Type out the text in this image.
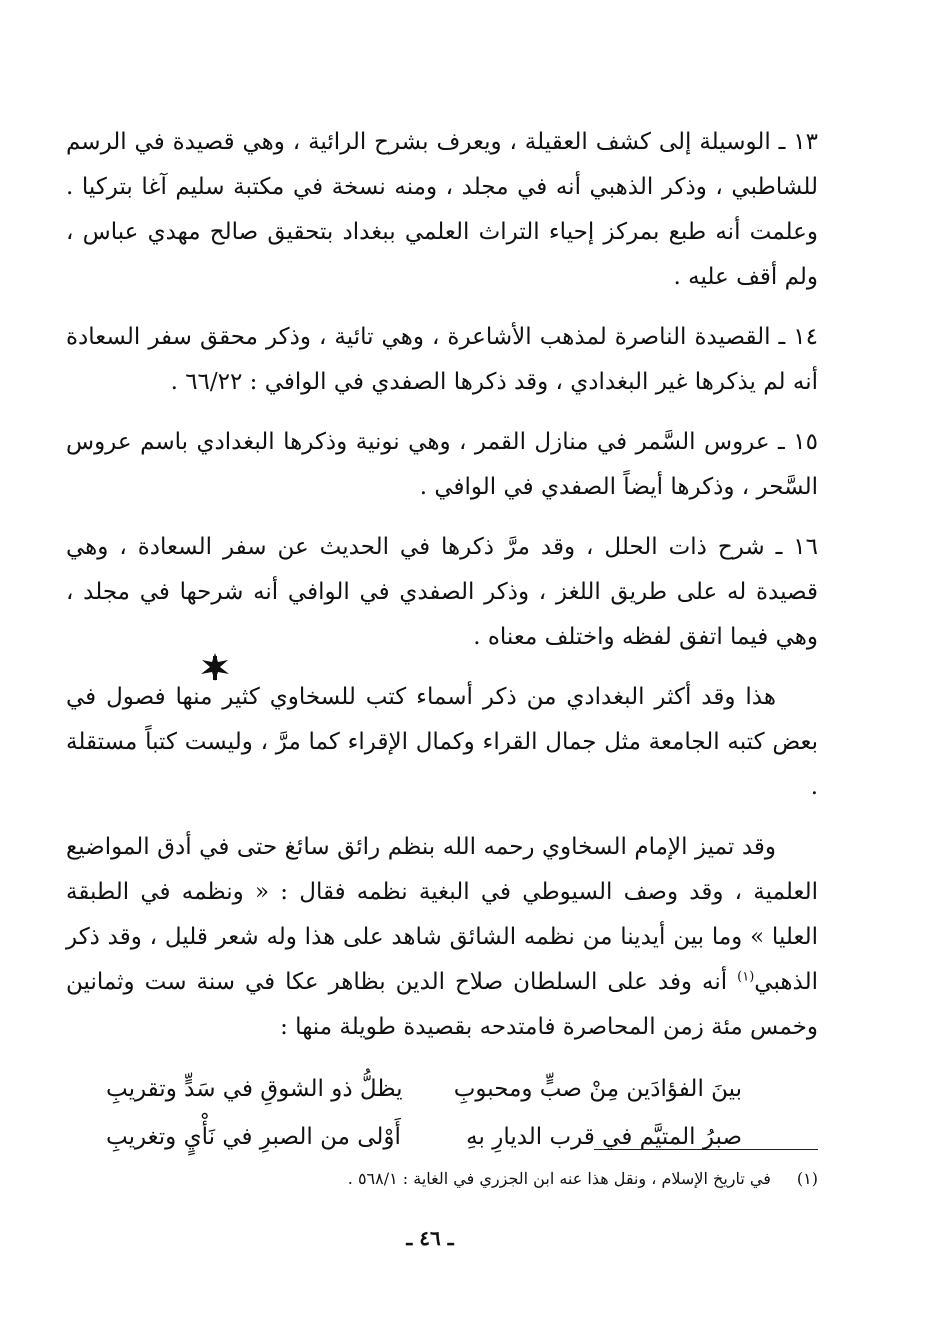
١٣ ـ الوسيلة إلى كشف العقيلة ، ويعرف بشرح الرائية ، وهي قصيدة في الرسم للشاطبي ، وذكر الذهبي أنه في مجلد ، ومنه نسخة في مكتبة سليم آغا بتركيا . وعلمت أنه طبع بمركز إحياء التراث العلمي ببغداد بتحقيق صالح مهدي عباس ، ولم أقف عليه .

١٤ ـ القصيدة الناصرة لمذهب الأشاعرة ، وهي تائية ، وذكر محقق سفر السعادة أنه لم يذكرها غير البغدادي ، وقد ذكرها الصفدي في الوافي : ٦٦/٢٢ .

١٥ ـ عروس السَّمر في منازل القمر ، وهي نونية وذكرها البغدادي باسم عروس السَّحر ، وذكرها أيضاً الصفدي في الوافي .

١٦ ـ شرح ذات الحلل ، وقد مرَّ ذكرها في الحديث عن سفر السعادة ، وهي قصيدة له على طريق اللغز ، وذكر الصفدي في الوافي أنه شرحها في مجلد ، وهي فيما اتفق لفظه واختلف معناه .

هذا وقد أكثر البغدادي من ذكر أسماء كتب للسخاوي كثير منها فصول في بعض كتبه الجامعة مثل جمال القراء وكمال الإقراء كما مرَّ ، وليست كتباً مستقلة .

وقد تميز الإمام السخاوي رحمه الله بنظم رائق سائغ حتى في أدق المواضيع العلمية ، وقد وصف السيوطي في البغية نظمه فقال : « ونظمه في الطبقة العليا » وما بين أيدينا من نظمه الشائق شاهد على هذا وله شعر قليل ، وقد ذكر الذهبي$^{(١)}$ أنه وفد على السلطان صلاح الدين بظاهر عكا في سنة ست وثمانين وخمس مئة زمن المحاصرة فامتدحه بقصيدة طويلة منها :

بينَ الفؤادَين مِنْ صبٍّ ومحبوبِ
يظلُّ ذو الشوقِ في سَدٍّ وتقريبِ
صبرُ المتيَّم في قرب الديارِ بهِ
أَوْلى من الصبرِ في نَأْيٍ وتغريبِ
(١)في تاريخ الإسلام ، ونقل هذا عنه ابن الجزري في الغاية : ٥٦٨/١ .
ـ ٤٦ ـ
